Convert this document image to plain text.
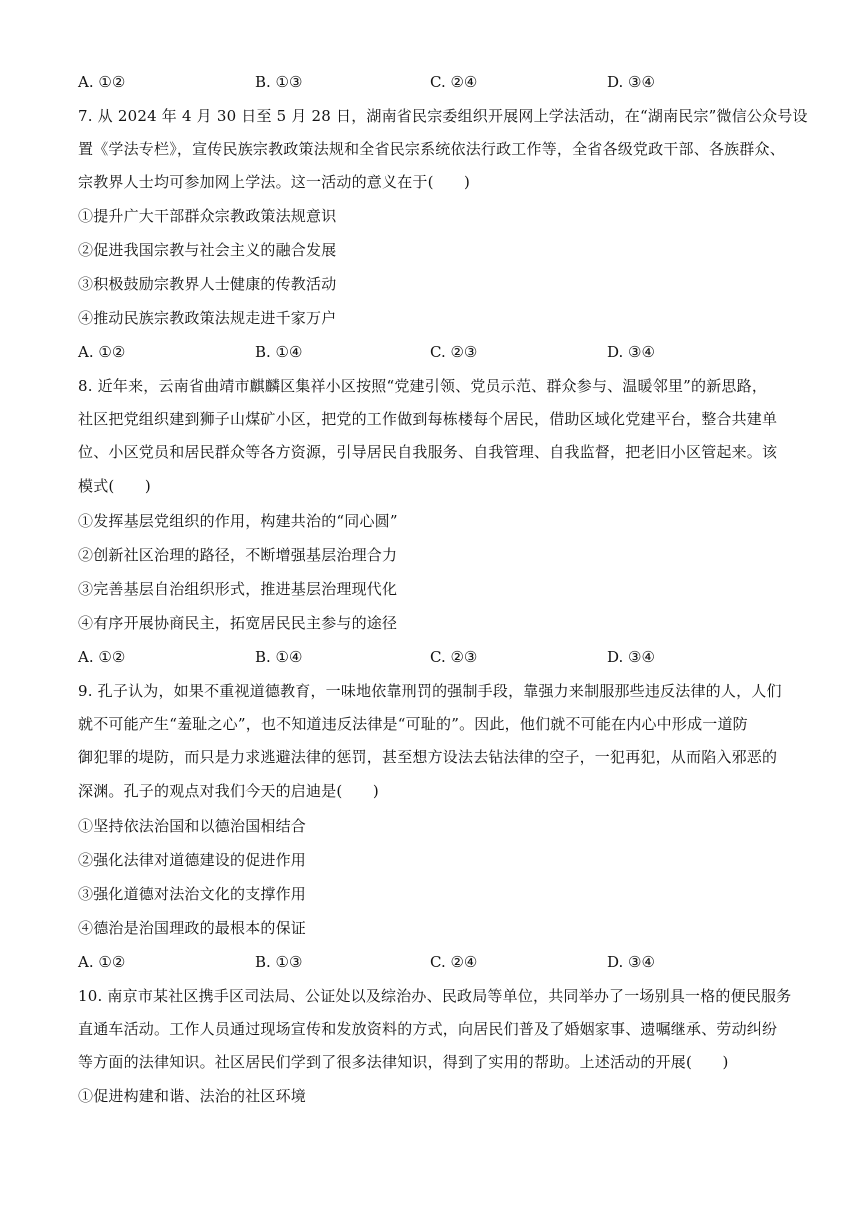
A. ①②	B. ①③	C. ②④	D. ③④
7. 从 2024 年 4 月 30 日至 5 月 28 日，湖南省民宗委组织开展网上学法活动，在“湖南民宗”微信公众号设
置《学法专栏》，宣传民族宗教政策法规和全省民宗系统依法行政工作等，全省各级党政干部、各族群众、
宗教界人士均可参加网上学法。这一活动的意义在于(　　)
①提升广大干部群众宗教政策法规意识
②促进我国宗教与社会主义的融合发展
③积极鼓励宗教界人士健康的传教活动
④推动民族宗教政策法规走进千家万户
A. ①②	B. ①④	C. ②③	D. ③④
8. 近年来，云南省曲靖市麒麟区集祥小区按照“党建引领、党员示范、群众参与、温暖邻里”的新思路，
社区把党组织建到狮子山煤矿小区，把党的工作做到每栋楼每个居民，借助区域化党建平台，整合共建单
位、小区党员和居民群众等各方资源，引导居民自我服务、自我管理、自我监督，把老旧小区管起来。该
模式(　　)
①发挥基层党组织的作用，构建共治的“同心圆”
②创新社区治理的路径，不断增强基层治理合力
③完善基层自治组织形式，推进基层治理现代化
④有序开展协商民主，拓宽居民民主参与的途径
A. ①②	B. ①④	C. ②③	D. ③④
9. 孔子认为，如果不重视道德教育，一味地依靠刑罚的强制手段，靠强力来制服那些违反法律的人，人们
就不可能产生“羞耻之心”，也不知道违反法律是“可耻的”。因此，他们就不可能在内心中形成一道防
御犯罪的堤防，而只是力求逃避法律的惩罚，甚至想方设法去钻法律的空子，一犯再犯，从而陷入邪恶的
深渊。孔子的观点对我们今天的启迪是(　　)
①坚持依法治国和以德治国相结合
②强化法律对道德建设的促进作用
③强化道德对法治文化的支撑作用
④德治是治国理政的最根本的保证
A. ①②	B. ①③	C. ②④	D. ③④
10. 南京市某社区携手区司法局、公证处以及综治办、民政局等单位，共同举办了一场别具一格的便民服务
直通车活动。工作人员通过现场宣传和发放资料的方式，向居民们普及了婚姻家事、遗嘱继承、劳动纠纷
等方面的法律知识。社区居民们学到了很多法律知识，得到了实用的帮助。上述活动的开展(　　)
①促进构建和谐、法治的社区环境
